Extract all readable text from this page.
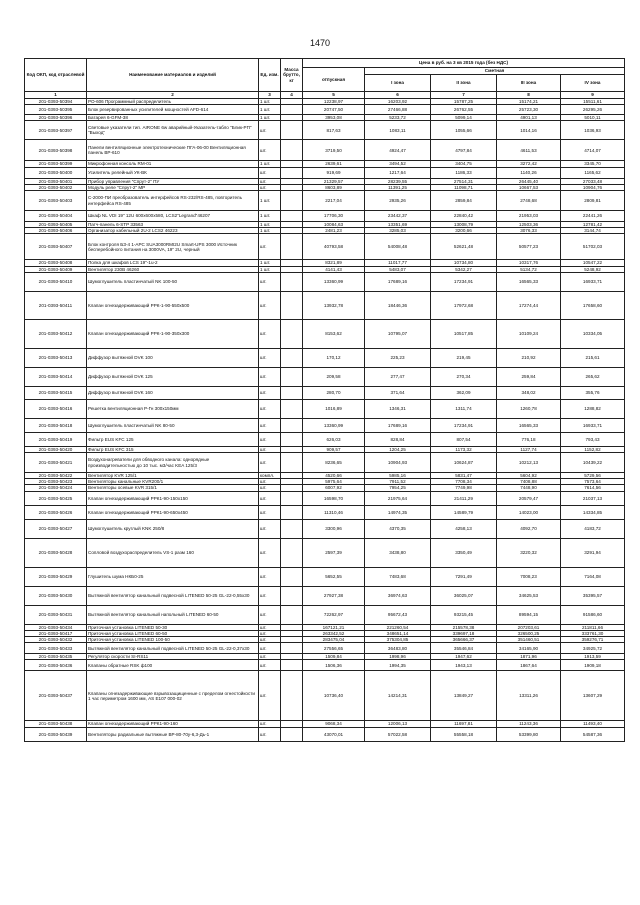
1470
Код ОКП, код отраслевой	Наименование материалов и изделий	Ед. изм.	Масса брутто, кг	Цена в руб. на 3 кв 2015 года (без НДС)				
				отпускная	Сметная			
					I зона	II зона	III зона	IV зона
1	2	3	4	5	6	7	8	9
201-0393-50394	РО-606 Программный распределитель	1 шт.		12238,97	16203,92	15787,25	15174,21	15511,61
201-0393-50395	Блок резервированных усилителей мощностей AFD-614	1 шт.		20747,50	27466,88	26762,55	25723,30	26295,26
201-0393-50396	Батарея 6-GFM-38	1 шт.		3953,08	5233,72	5099,14	4901,13	5010,11
201-0393-50397	Световые указатели тип. AIRONE 6w аварийный-Указатель-табло "Блик-РП" "Выход"	шт.		817,63	1083,11	1055,66	1014,16	1036,93
201-0393-50398	Панели вентиляционные электротехнические ПГА-06-00 Вентиляционная панель ВР-610	шт.		3719,50	4924,47	4797,84	4611,53	4714,07
201-0393-50399	Микрофонная консоль RM-01	1 шт.		2639,61	3494,52	3404,75	3272,42	3345,70
201-0393-50400	Усилитель релейный УК-ВК	шт.		919,69	1217,64	1186,33	1140,26	1165,62
201-0393-50401	Прибор управления "Спрут-2" ПУ	шт.		21329,57	28239,55	27514,31	26445,40	27033,48
201-0393-50402	Модуль реле "Спрут-2" МР	шт.		8603,89	11391,25	11098,71	10667,53	10904,76
201-0393-50403	С-2000-ПИ преобразователь интерфейсов RS-232/RS-485, повторитель интерфейса RS-485	1 шт.		2217,04	2935,26	2859,84	2748,68	2809,81
201-0393-50404	Шкаф NL VDI 19" 12U 600x600x580, LCS2"Legrand"46207	1 шт.		17706,30	23442,37	22840,42	21953,03	22441,26
201-0393-50405	Патч-панель 6-STP 33563	1 шт.		10084,63	13351,69	13008,79	12503,36	12781,42
201-0393-50406	Организатор кабельный 2U-2 LCS2 46223	1 шт.		2481,23	3285,03	3200,66	3076,33	3144,74
201-0393-50407	Блок контроля БЗ-4 1-APC SUA3000RMI2U Smart-UPS 3000 Источник бесперебойного питания на 3000VA, 19" 2U, черный	шт.		40793,58	54008,48	52621,48	50577,23	51702,03
201-0393-50408	Полка для шкафов LCS 19"-1u-2	1 шт.		8321,89	11017,77	10734,80	10317,76	10547,22
201-0393-50409	Вентилятор 230В 46260	1 шт.		4141,43	5483,07	5342,27	5134,72	5248,92
201-0393-50410	Шумоглушитель пластинчатый NK 100-50	шт.		13360,99	17689,16	17234,91	16565,33	16933,71
201-0393-50411	Клапан огнезадерживающий РРК-1-90-550х500	шт.		13932,78	18446,36	17972,68	17274,44	17658,60
201-0393-50412	Клапан огнезадерживающий РРК-1-90-350х300	шт.		8153,62	10795,07	10517,85	10109,24	10334,05
201-0393-50413	Диффузор вытяжной DVK 100	шт.		170,12	225,23	219,45	210,92	215,61
201-0393-50414	Диффузор вытяжной DVK 125	шт.		209,58	277,47	270,34	259,84	265,62
201-0393-50415	Диффузор вытяжной DVK 160	шт.		280,70	371,64	362,09	348,02	355,76
201-0393-50416	Решетка вентиляционная Р-Гн 300х150мм	шт.		1016,89	1346,31	1311,74	1260,78	1288,82
201-0393-50418	Шумоглушитель пластинчатый NK 80-50	шт.		13360,99	17689,16	17234,91	16565,33	16933,71
201-0393-50419	Фильтр EUS KFC 125	шт.		626,03	828,84	807,54	776,18	793,43
201-0393-50420	Фильтр EUS KFC 315	шт.		909,57	1204,25	1173,32	1127,74	1152,82
201-0393-50421	Воздухонагреватели для обводного канала: однорядные производительностью до 10 тыс. м3/час KEA 125/3	шт.		8236,65	10904,93	10624,87	10212,13	10439,22
201-0393-50422	Вентилятор KVR 125/1	компл.		4520,66	5985,16	5831,47	5604,92	5729,56
201-0393-50423	Вентиляторы канальные KVR200/1	шт.		5975,64	7911,52	7708,34	7408,88	7573,64
201-0393-50424	Вентиляторы осевые KVR 315/1	шт.		6007,92	7954,25	7749,98	7448,90	7614,56
201-0393-50425	Клапан огнезадерживающий РРК1-90-150х150	шт.		16598,70	21975,64	21411,29	20579,47	21037,13
201-0393-50426	Клапан огнезадерживающий РРК1-90-650х450	шт.		11310,46	14974,35	14589,79	14023,00	14334,85
201-0393-50427	Шумоглушитель круглый KNK 250/8	шт.		3300,96	4370,35	4258,13	4092,70	4183,72
201-0393-50428	Сопловой воздухораспределитель VS-1 разм 160	шт.		2597,39	3438,80	3350,49	3220,32	3291,94
201-0393-50429	Глушитель шума НКБ0-25	шт.		5652,55	7483,68	7291,49	7008,23	7164,08
201-0393-50430	Вытяжной вентилятор канальный подвесной LITENED 50-25 GL-22-0,55х30	шт.		27927,38	36974,63	36025,07	34625,53	35395,57
201-0393-50431	Вытяжной вентилятор канальный напольный LITENED 60-50	шт.		72262,97	95672,43	93215,45	89594,15	91586,60
201-0393-50434	Приточная установка LITENED 50-30	шт.		167121,21	221260,54	215578,38	207203,61	211811,66
201-0393-50417	Приточная установка LITENED 60-50	шт.		263342,52	348651,14	339697,18	326500,25	333761,30
201-0393-50432	Приточная установка LITENED 100-50	шт.		283475,04	375304,85	365666,37	351460,51	359276,71
201-0393-50433	Вытяжной вентилятор канальный подвесной LITENED 50-25 GL-22-0,37х30	шт.		27556,65	36483,80	35546,84	34165,90	34925,72
201-0393-50435	Регулятор скорости SI-RS11	шт.		1509,84	1998,96	1947,62	1871,96	1913,59
201-0393-50436	Клапаны обратные RSK ф100	шт.		1506,36	1994,35	1943,13	1867,64	1909,18
201-0393-50437	Клапаны огнезадерживающие взрывозащищенные с пределом огнестойкости 1 час периметром 1600 мм, AS E107 000-02	шт.		10736,40	14214,31	13849,27	13311,26	13607,29
201-0393-50438	Клапан огнезадерживающий РРК1-90-160	шт.		9068,34	12006,13	11697,81	11243,36	11493,40
201-0393-50439	Вентиляторы радиальные вытяжные ВР-80-70у-6,3-Дь-1	шт.		43070,01	57022,58	55558,18	53399,80	54587,36
